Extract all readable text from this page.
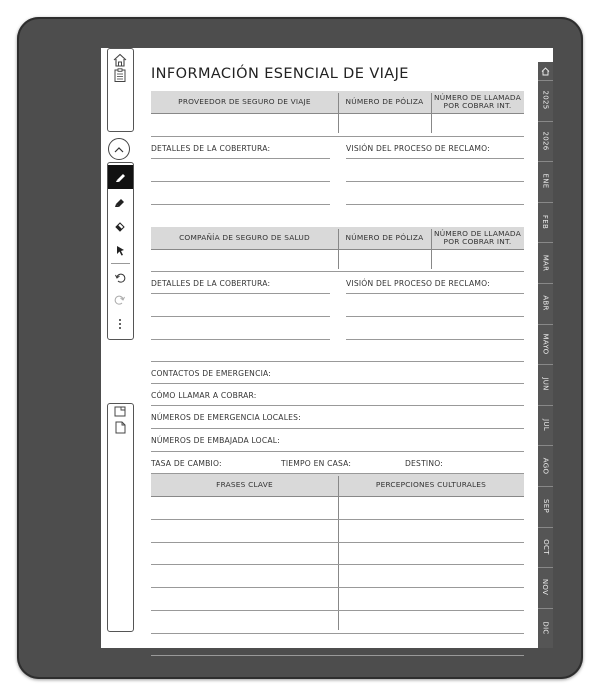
2025
2026
ENE
FEB
MAR
ABR
MAYO
JUN
JUL
AGO
SEP
OCT
NOV
DIC
INFORMACIÓN ESENCIAL DE VIAJE
PROVEEDOR DE SEGURO DE VIAJE	NÚMERO DE PÓLIZA	NÚMERO DE LLAMADA
POR COBRAR INT.
DETALLES DE LA COBERTURA:	VISIÓN DEL PROCESO DE RECLAMO:
COMPAÑÍA DE SEGURO DE SALUD	NÚMERO DE PÓLIZA	NÚMERO DE LLAMADA
POR COBRAR INT.
DETALLES DE LA COBERTURA:	VISIÓN DEL PROCESO DE RECLAMO:
CONTACTOS DE EMERGENCIA:
CÓMO LLAMAR A COBRAR:
NÚMEROS DE EMERGENCIA LOCALES:
NÚMEROS DE EMBAJADA LOCAL:
TASA DE CAMBIO:	TIEMPO EN CASA:	DESTINO:
FRASES CLAVE	PERCEPCIONES CULTURALES
